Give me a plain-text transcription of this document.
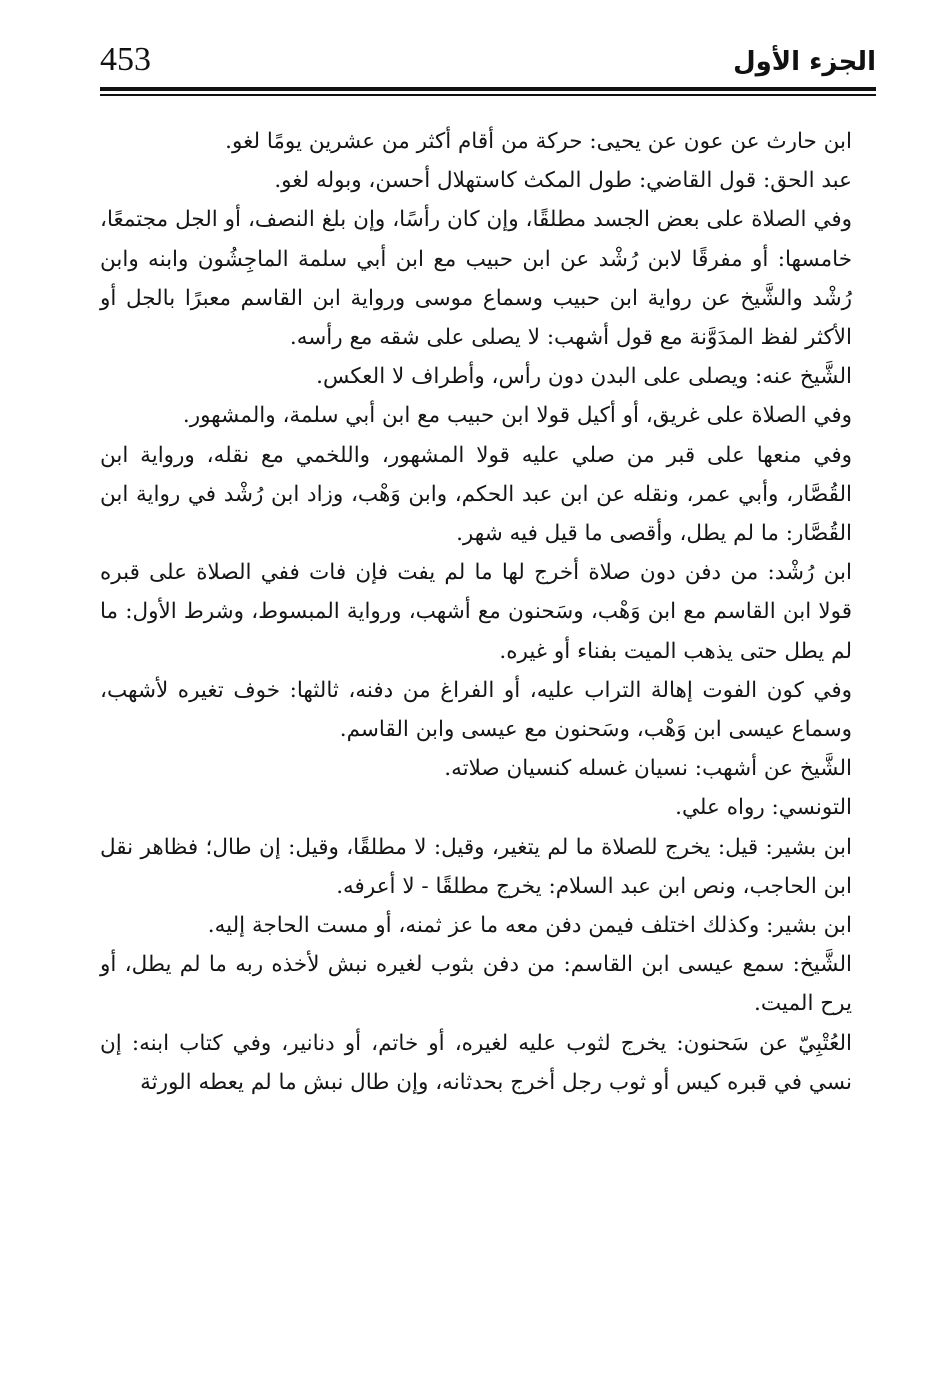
453	الجزء الأول

ابن حارث عن عون عن يحيى: حركة من أقام أكثر من عشرين يومًا لغو.

عبد الحق: قول القاضي: طول المكث كاستهلال أحسن، وبوله لغو.

وفي الصلاة على بعض الجسد مطلقًا، وإن كان رأسًا، وإن بلغ النصف، أو الجل مجتمعًا، خامسها: أو مفرقًا لابن رُشْد عن ابن حبيب مع ابن أبي سلمة الماجِشُون وابنه وابن رُشْد والشَّيخ عن رواية ابن حبيب وسماع موسى ورواية ابن القاسم معبرًا بالجل أو الأكثر لفظ المدَوَّنة مع قول أشهب: لا يصلى على شقه مع رأسه.

الشَّيخ عنه: ويصلى على البدن دون رأس، وأطراف لا العكس.

وفي الصلاة على غريق، أو أكيل قولا ابن حبيب مع ابن أبي سلمة، والمشهور.

وفي منعها على قبر من صلي عليه قولا المشهور، واللخمي مع نقله، ورواية ابن القُصَّار، وأبي عمر، ونقله عن ابن عبد الحكم، وابن وَهْب، وزاد ابن رُشْد في رواية ابن القُصَّار: ما لم يطل، وأقصى ما قيل فيه شهر.

ابن رُشْد: من دفن دون صلاة أخرج لها ما لم يفت فإن فات ففي الصلاة على قبره قولا ابن القاسم مع ابن وَهْب، وسَحنون مع أشهب، ورواية المبسوط، وشرط الأول: ما لم يطل حتى يذهب الميت بفناء أو غيره.

وفي كون الفوت إهالة التراب عليه، أو الفراغ من دفنه، ثالثها: خوف تغيره لأشهب، وسماع عيسى ابن وَهْب، وسَحنون مع عيسى وابن القاسم.

الشَّيخ عن أشهب: نسيان غسله كنسيان صلاته.

التونسي: رواه علي.

ابن بشير: قيل: يخرج للصلاة ما لم يتغير، وقيل: لا مطلقًا، وقيل: إن طال؛ فظاهر نقل ابن الحاجب، ونص ابن عبد السلام: يخرج مطلقًا - لا أعرفه.

ابن بشير: وكذلك اختلف فيمن دفن معه ما عز ثمنه، أو مست الحاجة إليه.

الشَّيخ: سمع عيسى ابن القاسم: من دفن بثوب لغيره نبش لأخذه ربه ما لم يطل، أو يرح الميت.

العُتْبِيّ عن سَحنون: يخرج لثوب عليه لغيره، أو خاتم، أو دنانير، وفي كتاب ابنه: إن نسي في قبره كيس أو ثوب رجل أخرج بحدثانه، وإن طال نبش ما لم يعطه الورثة
